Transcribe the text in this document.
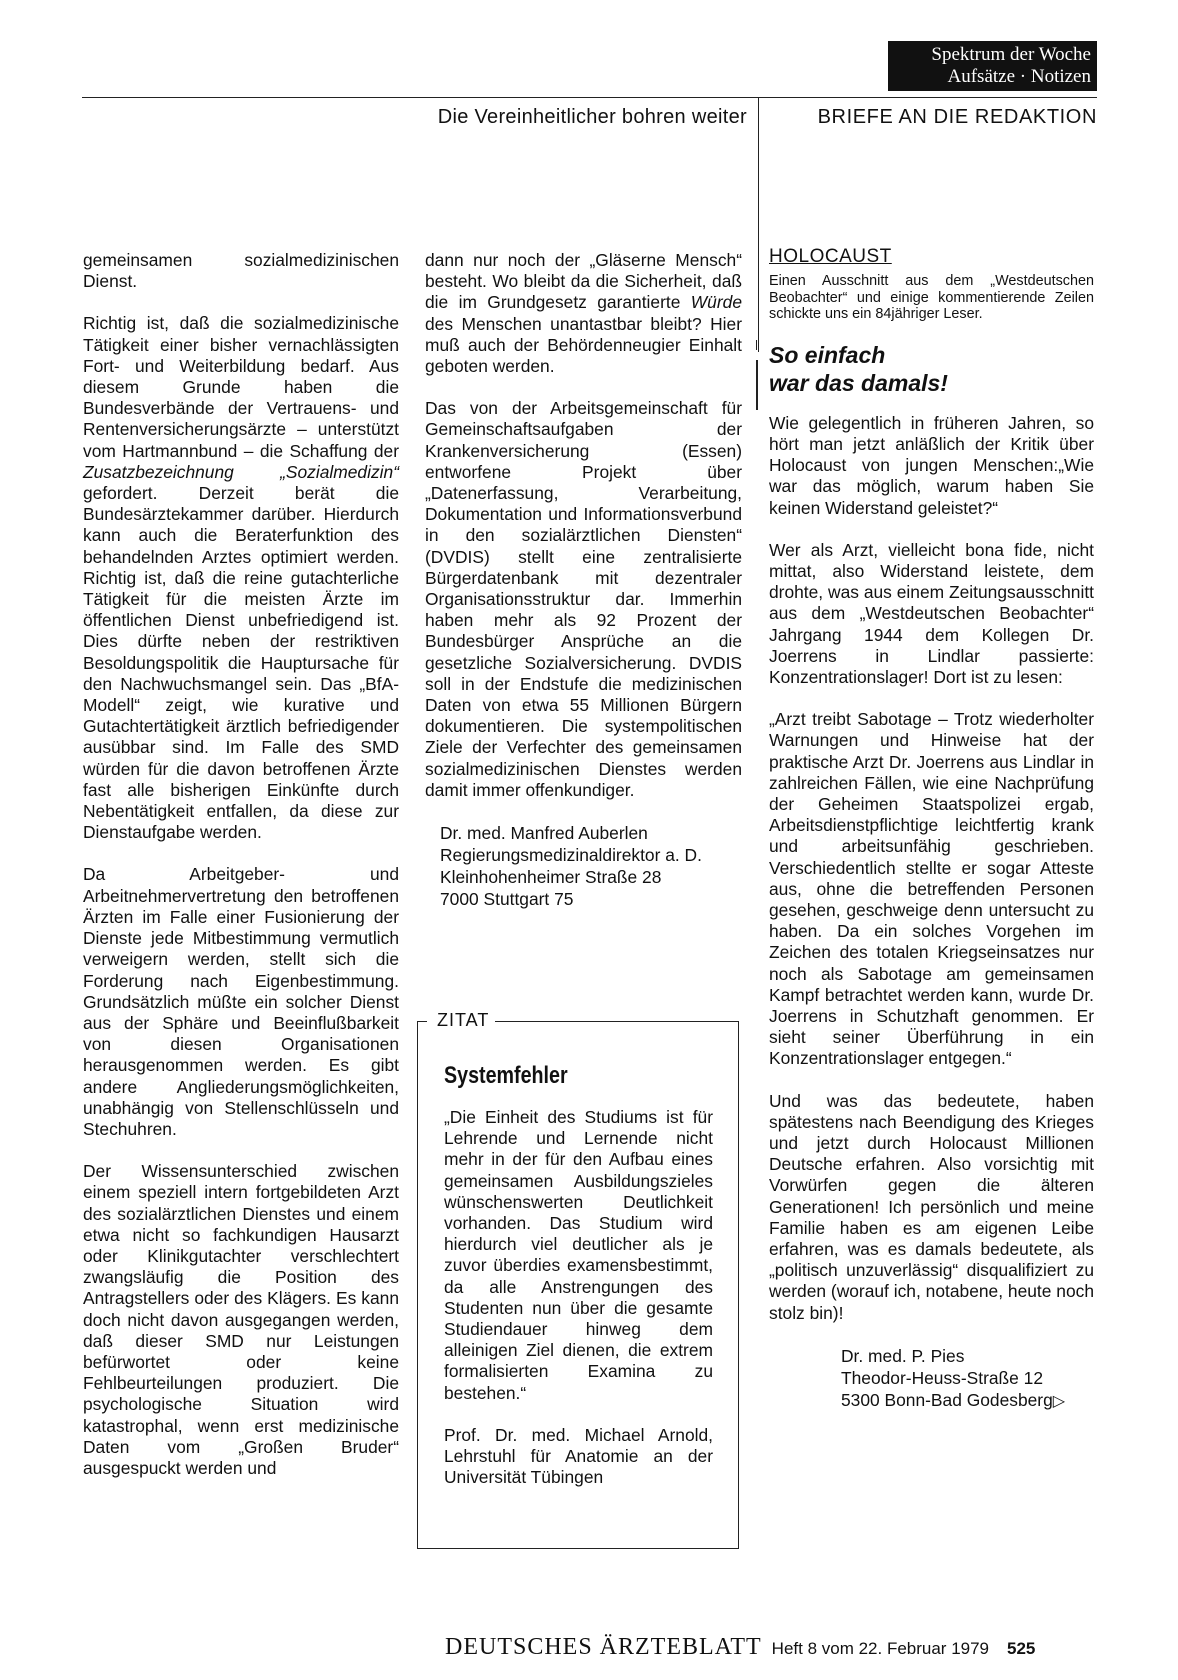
Spektrum der Woche
Aufsätze · Notizen
Die Vereinheitlicher bohren weiter	BRIEFE AN DIE REDAKTION

gemeinsamen sozialmedizinischen Dienst.

Richtig ist, daß die sozialmedizinische Tätigkeit einer bisher vernachlässigten Fort- und Weiterbildung bedarf. Aus diesem Grunde haben die Bundesverbände der Vertrauens- und Rentenversicherungsärzte – unterstützt vom Hartmannbund – die Schaffung der Zusatzbezeichnung „Sozialmedizin“ gefordert. Derzeit berät die Bundesärztekammer darüber. Hierdurch kann auch die Beraterfunktion des behandelnden Arztes optimiert werden. Richtig ist, daß die reine gutachterliche Tätigkeit für die meisten Ärzte im öffentlichen Dienst unbefriedigend ist. Dies dürfte neben der restriktiven Besoldungspolitik die Hauptursache für den Nachwuchsmangel sein. Das „BfA-Modell“ zeigt, wie kurative und Gutachtertätigkeit ärztlich befriedigender ausübbar sind. Im Falle des SMD würden für die davon betroffenen Ärzte fast alle bisherigen Einkünfte durch Nebentätigkeit entfallen, da diese zur Dienstaufgabe werden.

Da Arbeitgeber- und Arbeitnehmervertretung den betroffenen Ärzten im Falle einer Fusionierung der Dienste jede Mitbestimmung vermutlich verweigern werden, stellt sich die Forderung nach Eigenbestimmung. Grundsätzlich müßte ein solcher Dienst aus der Sphäre und Beeinflußbarkeit von diesen Organisationen herausgenommen werden. Es gibt andere Angliederungsmöglichkeiten, unabhängig von Stellenschlüsseln und Stechuhren.

Der Wissensunterschied zwischen einem speziell intern fortgebildeten Arzt des sozialärztlichen Dienstes und einem etwa nicht so fachkundigen Hausarzt oder Klinikgutachter verschlechtert zwangsläufig die Position des Antragstellers oder des Klägers. Es kann doch nicht davon ausgegangen werden, daß dieser SMD nur Leistungen befürwortet oder keine Fehlbeurteilungen produziert. Die psychologische Situation wird katastrophal, wenn erst medizinische Daten vom „Großen Bruder“ ausgespuckt werden und

dann nur noch der „Gläserne Mensch“ besteht. Wo bleibt da die Sicherheit, daß die im Grundgesetz garantierte Würde des Menschen unantastbar bleibt? Hier muß auch der Behördenneugier Einhalt geboten werden.

Das von der Arbeitsgemeinschaft für Gemeinschaftsaufgaben der Krankenversicherung (Essen) entworfene Projekt über „Datenerfassung, Verarbeitung, Dokumentation und Informationsverbund in den sozialärztlichen Diensten“ (DVDIS) stellt eine zentralisierte Bürgerdatenbank mit dezentraler Organisationsstruktur dar. Immerhin haben mehr als 92 Prozent der Bundesbürger Ansprüche an die gesetzliche Sozialversicherung. DVDIS soll in der Endstufe die medizinischen Daten von etwa 55 Millionen Bürgern dokumentieren. Die systempolitischen Ziele der Verfechter des gemeinsamen sozialmedizinischen Dienstes werden damit immer offenkundiger.

Dr. med. Manfred Auberlen
Regierungsmedizinaldirektor a. D.
Kleinhohenheimer Straße 28
7000 Stuttgart 75
ZITAT
Systemfehler

„Die Einheit des Studiums ist für Lehrende und Lernende nicht mehr in der für den Aufbau eines gemeinsamen Ausbildungszieles wünschenswerten Deutlichkeit vorhanden. Das Studium wird hierdurch viel deutlicher als je zuvor überdies examensbestimmt, da alle Anstrengungen des Studenten nun über die gesamte Studiendauer hinweg dem alleinigen Ziel dienen, die extrem formalisierten Examina zu bestehen.“

Prof. Dr. med. Michael Arnold, Lehrstuhl für Anatomie an der Universität Tübingen

HOLOCAUST
Einen Ausschnitt aus dem „Westdeutschen Beobachter“ und einige kommentierende Zeilen schickte uns ein 84jähriger Leser.
So einfach
war das damals!

Wie gelegentlich in früheren Jahren, so hört man jetzt anläßlich der Kritik über Holocaust von jungen Menschen:„Wie war das möglich, warum haben Sie keinen Widerstand geleistet?“

Wer als Arzt, vielleicht bona fide, nicht mittat, also Widerstand leistete, dem drohte, was aus einem Zeitungsausschnitt aus dem „Westdeutschen Beobachter“ Jahrgang 1944 dem Kollegen Dr. Joerrens in Lindlar passierte: Konzentrationslager! Dort ist zu lesen:

„Arzt treibt Sabotage – Trotz wiederholter Warnungen und Hinweise hat der praktische Arzt Dr. Joerrens aus Lindlar in zahlreichen Fällen, wie eine Nachprüfung der Geheimen Staatspolizei ergab, Arbeitsdienstpflichtige leichtfertig krank und arbeitsunfähig geschrieben. Verschiedentlich stellte er sogar Atteste aus, ohne die betreffenden Personen gesehen, geschweige denn untersucht zu haben. Da ein solches Vorgehen im Zeichen des totalen Kriegseinsatzes nur noch als Sabotage am gemeinsamen Kampf betrachtet werden kann, wurde Dr. Joerrens in Schutzhaft genommen. Er sieht seiner Überführung in ein Konzentrationslager entgegen.“

Und was das bedeutete, haben spätestens nach Beendigung des Krieges und jetzt durch Holocaust Millionen Deutsche erfahren. Also vorsichtig mit Vorwürfen gegen die älteren Generationen! Ich persönlich und meine Familie haben es am eigenen Leibe erfahren, was es damals bedeutete, als „politisch unzuverlässig“ disqualifiziert zu werden (worauf ich, notabene, heute noch stolz bin)!

Dr. med. P. Pies
Theodor-Heuss-Straße 12
5300 Bonn-Bad Godesberg▷
DEUTSCHES ÄRZTEBLATT Heft 8 vom 22. Februar 1979 525
